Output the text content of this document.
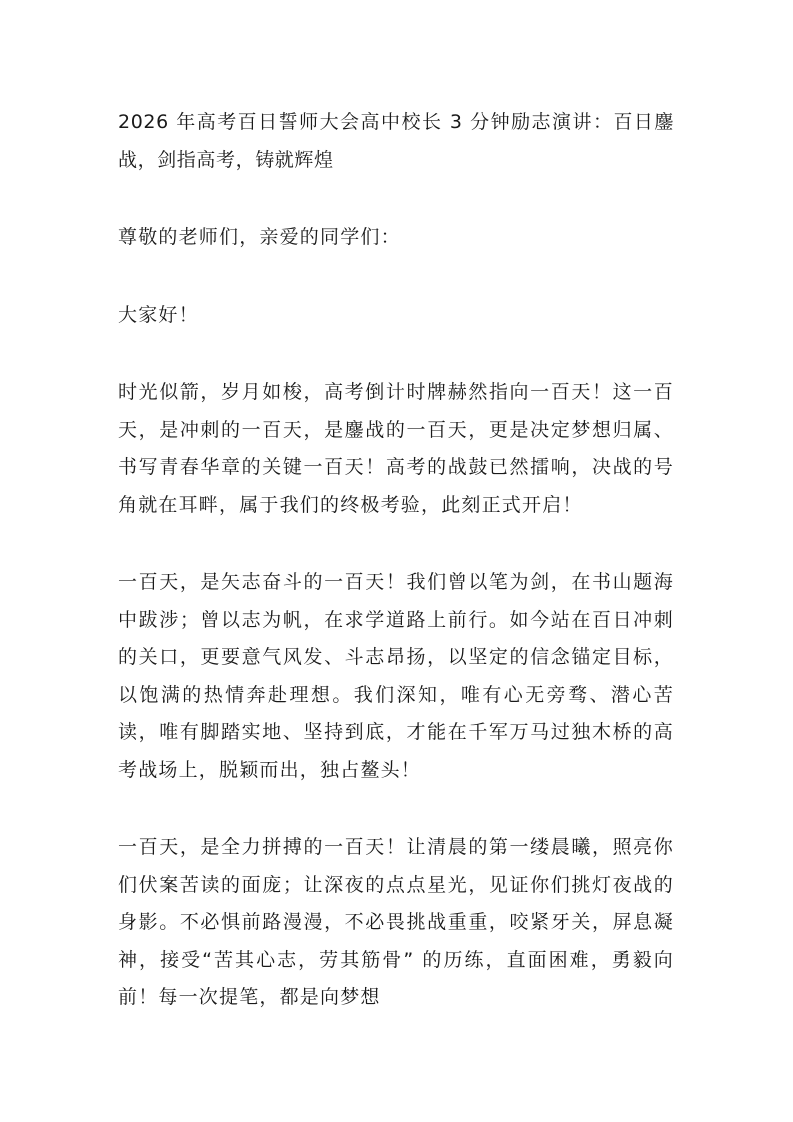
2026 年高考百日誓师大会高中校长 3 分钟励志演讲：百日鏖战，剑指高考，铸就辉煌

尊敬的老师们，亲爱的同学们：

大家好！

时光似箭，岁月如梭，高考倒计时牌赫然指向一百天！这一百天，是冲刺的一百天，是鏖战的一百天，更是决定梦想归属、书写青春华章的关键一百天！高考的战鼓已然擂响，决战的号角就在耳畔，属于我们的终极考验，此刻正式开启！

一百天，是矢志奋斗的一百天！我们曾以笔为剑，在书山题海中跋涉；曾以志为帆，在求学道路上前行。如今站在百日冲刺的关口，更要意气风发、斗志昂扬，以坚定的信念锚定目标，以饱满的热情奔赴理想。我们深知，唯有心无旁骛、潜心苦读，唯有脚踏实地、坚持到底，才能在千军万马过独木桥的高考战场上，脱颖而出，独占鳌头！

一百天，是全力拼搏的一百天！让清晨的第一缕晨曦，照亮你们伏案苦读的面庞；让深夜的点点星光，见证你们挑灯夜战的身影。不必惧前路漫漫，不必畏挑战重重，咬紧牙关，屏息凝神，接受“苦其心志，劳其筋骨” 的历练，直面困难，勇毅向前！每一次提笔，都是向梦想
